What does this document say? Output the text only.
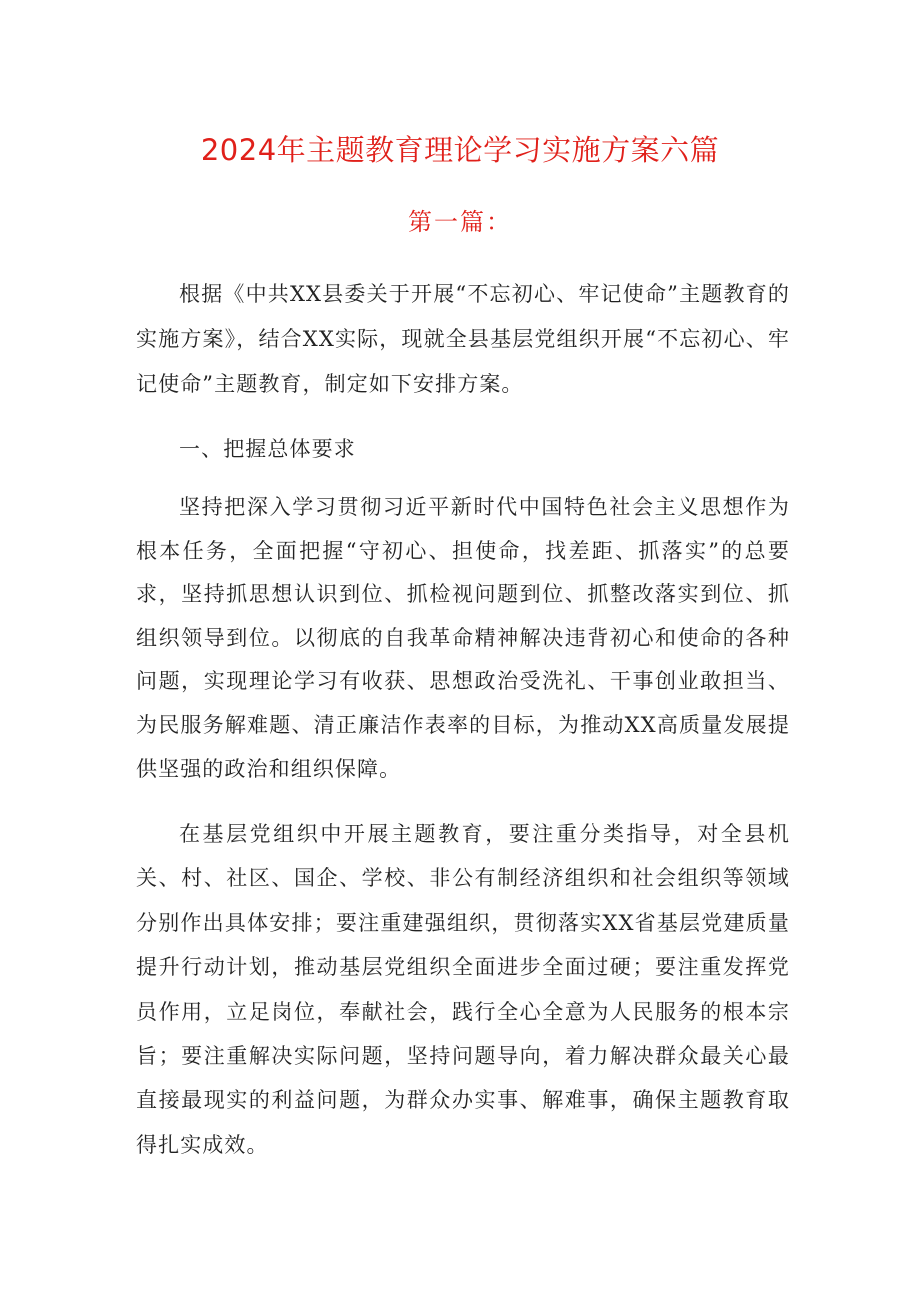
2024年主题教育理论学习实施方案六篇
第一篇：

根据《中共XX县委关于开展“不忘初心、牢记使命”主题教育的实施方案》，结合XX实际，现就全县基层党组织开展“不忘初心、牢记使命”主题教育，制定如下安排方案。

一、把握总体要求

坚持把深入学习贯彻习近平新时代中国特色社会主义思想作为根本任务，全面把握“守初心、担使命，找差距、抓落实”的总要求，坚持抓思想认识到位、抓检视问题到位、抓整改落实到位、抓组织领导到位。以彻底的自我革命精神解决违背初心和使命的各种问题，实现理论学习有收获、思想政治受洗礼、干事创业敢担当、为民服务解难题、清正廉洁作表率的目标，为推动XX高质量发展提供坚强的政治和组织保障。

在基层党组织中开展主题教育，要注重分类指导，对全县机关、村、社区、国企、学校、非公有制经济组织和社会组织等领域分别作出具体安排；要注重建强组织，贯彻落实XX省基层党建质量提升行动计划，推动基层党组织全面进步全面过硬；要注重发挥党员作用，立足岗位，奉献社会，践行全心全意为人民服务的根本宗旨；要注重解决实际问题，坚持问题导向，着力解决群众最关心最直接最现实的利益问题，为群众办实事、解难事，确保主题教育取得扎实成效。
